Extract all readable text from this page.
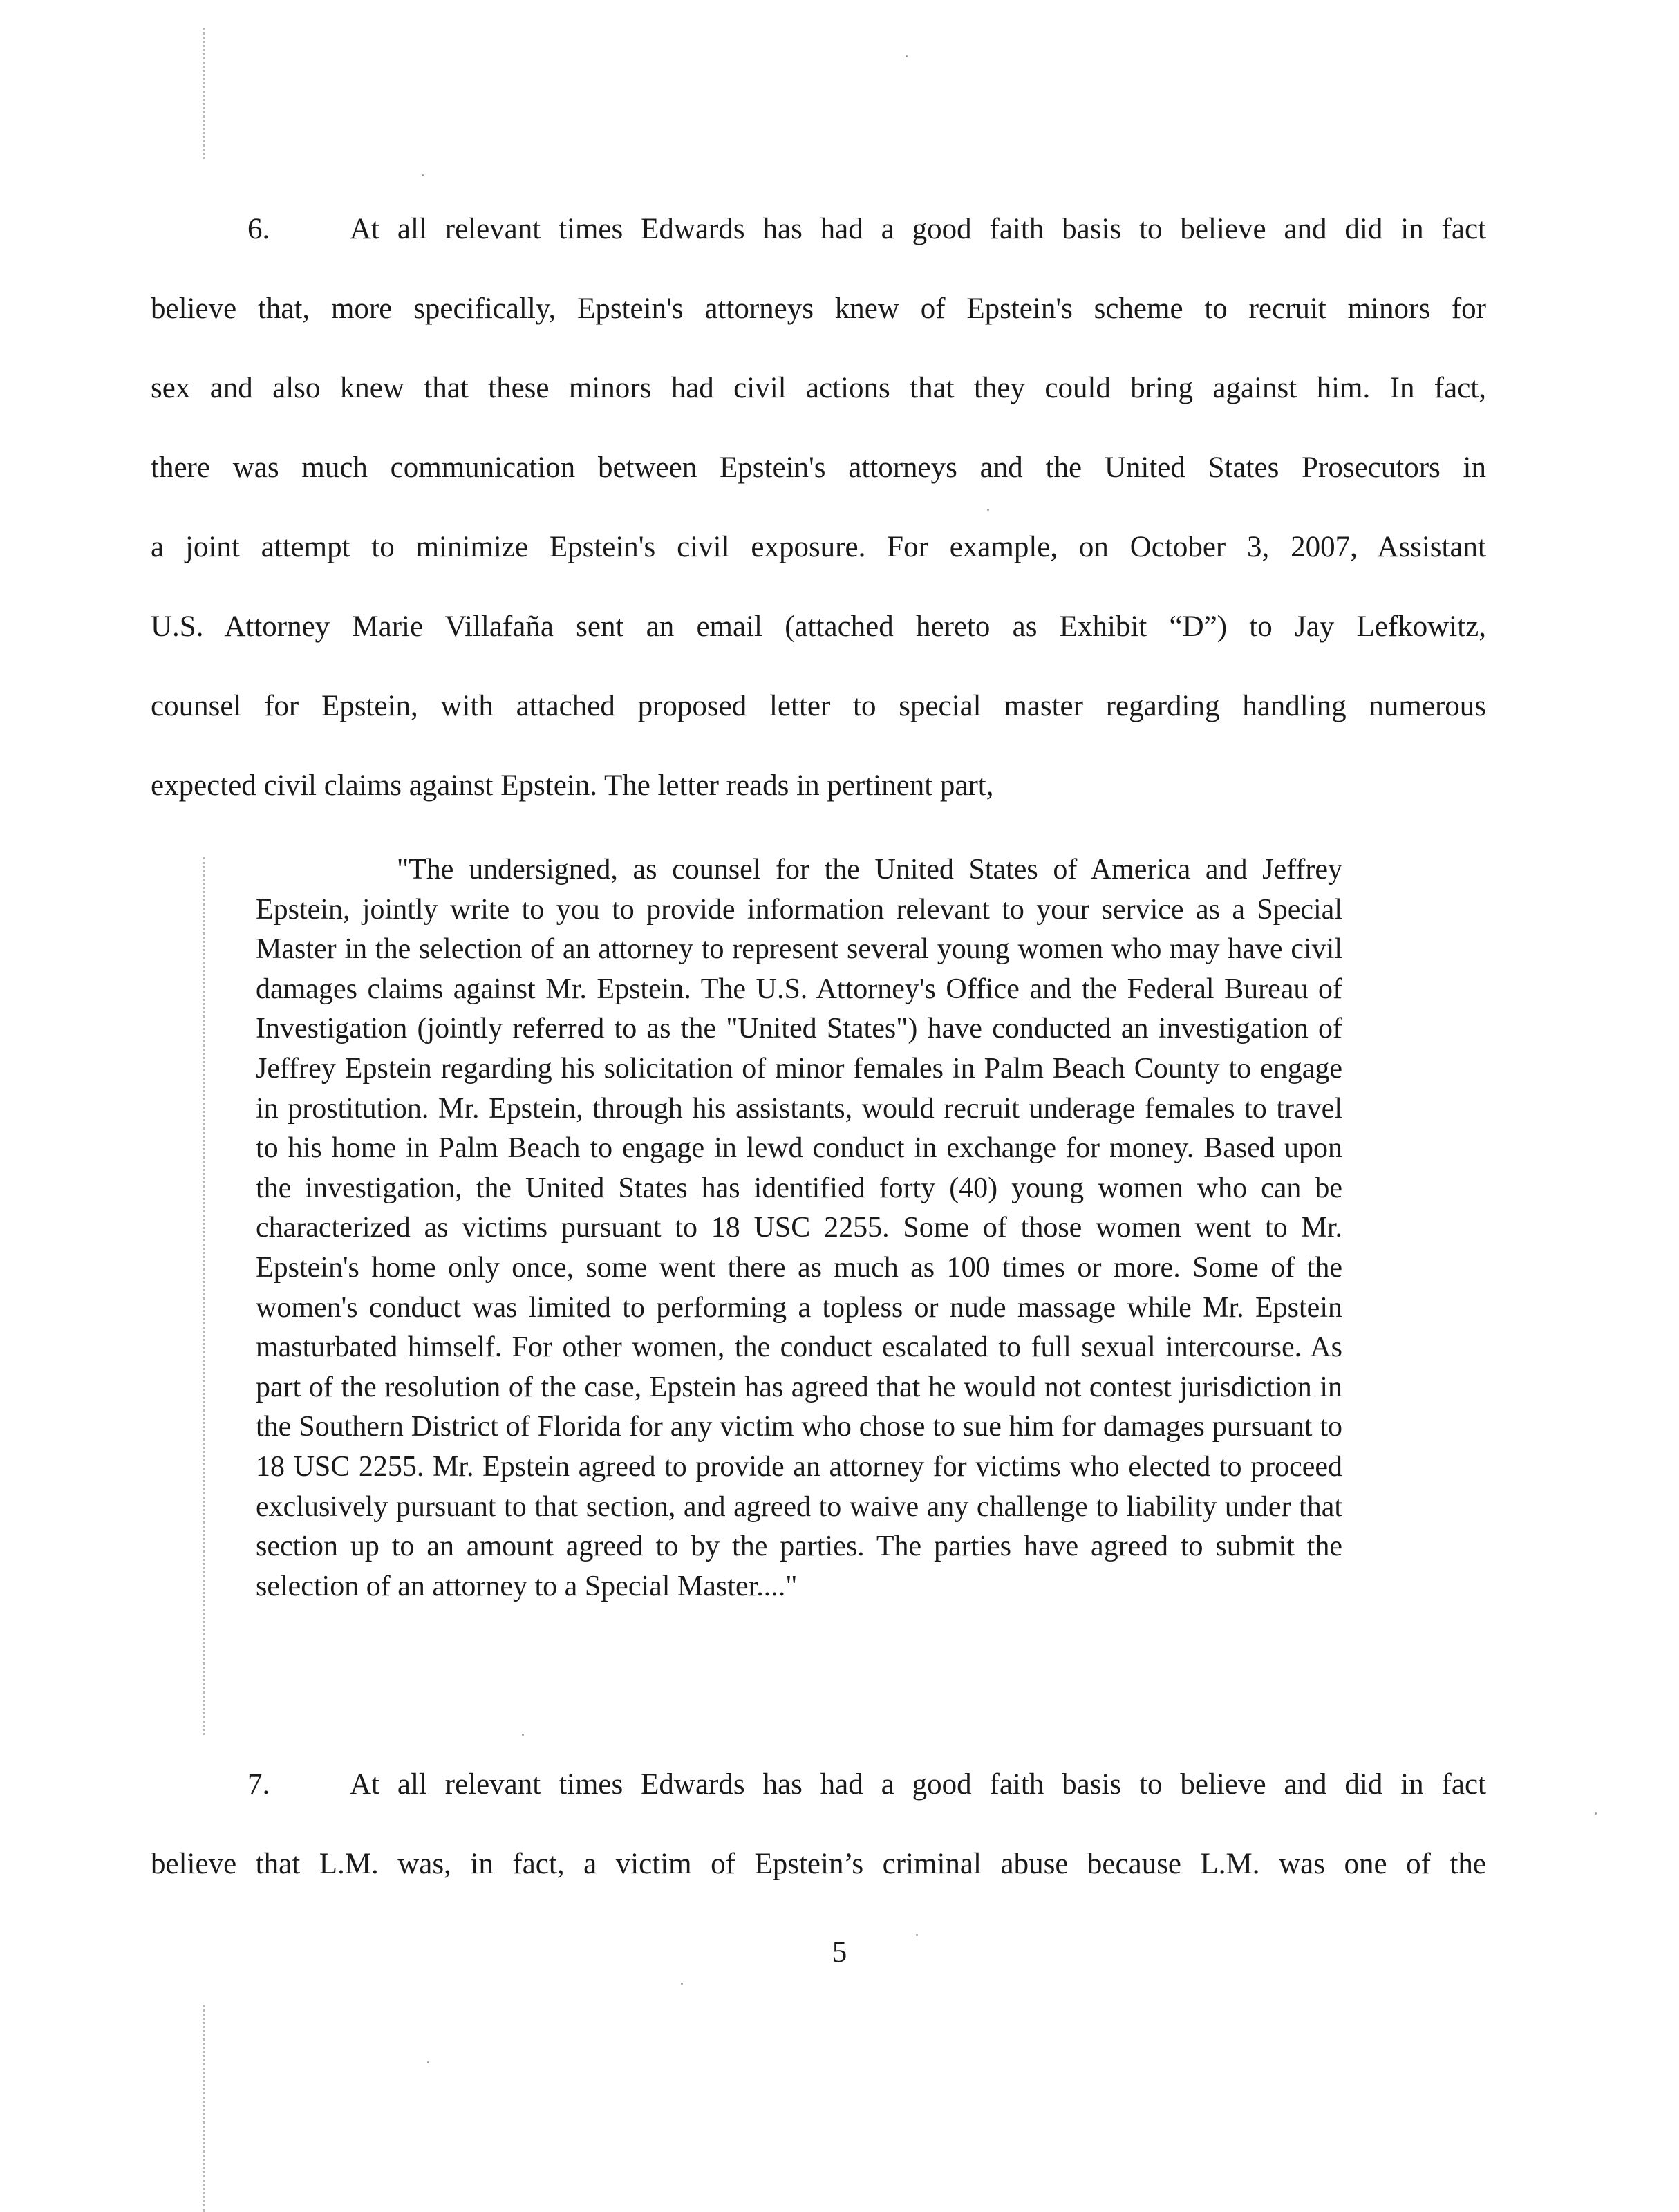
6.	At all relevant times Edwards has had a good faith basis to believe and did in fact
believe that, more specifically, Epstein's attorneys knew of Epstein's scheme to recruit minors for
sex and also knew that these minors had civil actions that they could bring against him. In fact,
there was much communication between Epstein's attorneys and the United States Prosecutors in
a joint attempt to minimize Epstein's civil exposure. For example, on October 3, 2007, Assistant
U.S. Attorney Marie Villafaña sent an email (attached hereto as Exhibit “D”) to Jay Lefkowitz,
counsel for Epstein, with attached proposed letter to special master regarding handling numerous
expected civil claims against Epstein. The letter reads in pertinent part,
"The undersigned, as counsel for the United States of America and Jeffrey Epstein, jointly write to you to provide information relevant to your service as a Special Master in the selection of an attorney to represent several young women who may have civil damages claims against Mr. Epstein. The U.S. Attorney's Office and the Federal Bureau of Investigation (jointly referred to as the "United States") have conducted an investigation of Jeffrey Epstein regarding his solicitation of minor females in Palm Beach County to engage in prostitution. Mr. Epstein, through his assistants, would recruit underage females to travel to his home in Palm Beach to engage in lewd conduct in exchange for money. Based upon the investigation, the United States has identified forty (40) young women who can be characterized as victims pursuant to 18 USC 2255. Some of those women went to Mr. Epstein's home only once, some went there as much as 100 times or more. Some of the women's conduct was limited to performing a topless or nude massage while Mr. Epstein masturbated himself. For other women, the conduct escalated to full sexual intercourse. As part of the resolution of the case, Epstein has agreed that he would not contest jurisdiction in the Southern District of Florida for any victim who chose to sue him for damages pursuant to 18 USC 2255. Mr. Epstein agreed to provide an attorney for victims who elected to proceed exclusively pursuant to that section, and agreed to waive any challenge to liability under that section up to an amount agreed to by the parties. The parties have agreed to submit the selection of an attorney to a Special Master...."
7.	At all relevant times Edwards has had a good faith basis to believe and did in fact
believe that L.M. was, in fact, a victim of Epstein’s criminal abuse because L.M. was one of the
5
